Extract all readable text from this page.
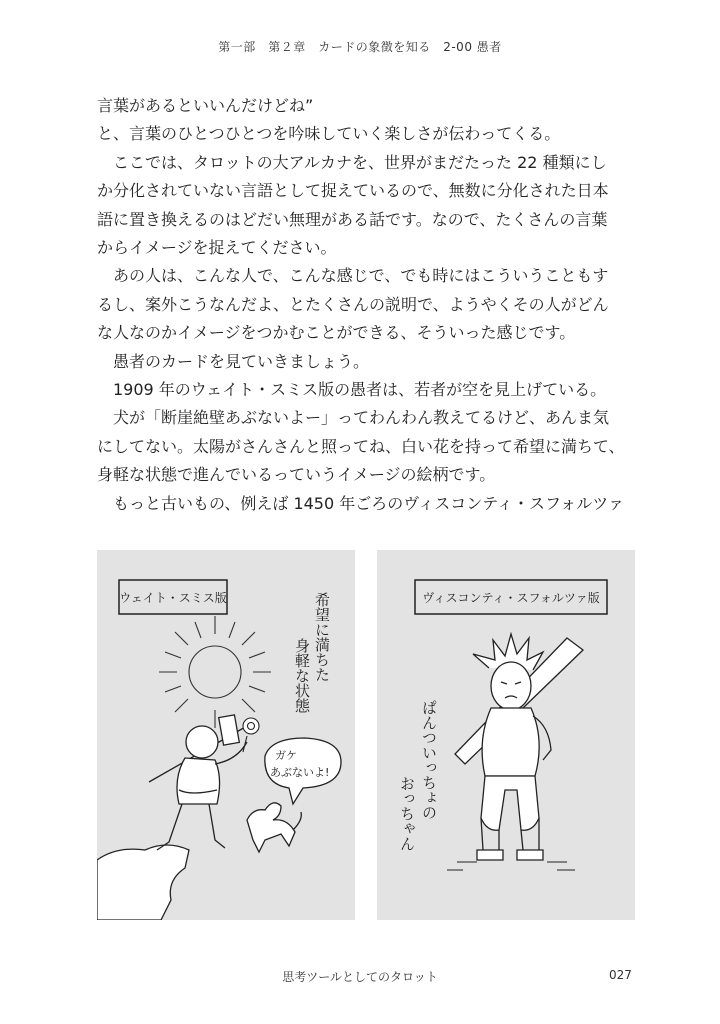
第一部　第２章　カードの象徴を知る　2-00 愚者

言葉があるといいんだけどね”

と、言葉のひとつひとつを吟味していく楽しさが伝わってくる。

ここでは、タロットの大アルカナを、世界がまだたった 22 種類にし

か分化されていない言語として捉えているので、無数に分化された日本

語に置き換えるのはどだい無理がある話です。なので、たくさんの言葉

からイメージを捉えてください。

あの人は、こんな人で、こんな感じで、でも時にはこういうこともす

るし、案外こうなんだよ、とたくさんの説明で、ようやくその人がどん

な人なのかイメージをつかむことができる、そういった感じです。

愚者のカードを見ていきましょう。

1909 年のウェイト・スミス版の愚者は、若者が空を見上げている。

犬が「断崖絶壁あぶないよー」ってわんわん教えてるけど、あんま気

にしてない。太陽がさんさんと照ってね、白い花を持って希望に満ちて、

身軽な状態で進んでいるっていうイメージの絵柄です。

もっと古いもの、例えば 1450 年ごろのヴィスコンティ・スフォルツァ

ウェイト・スミス版	希望に満ちた
身軽な状態
ガケ
あぶないよ!
ヴィスコンティ・スフォルツァ版
ぱんついっちょの
おっちゃん
思考ツールとしてのタロット	027
